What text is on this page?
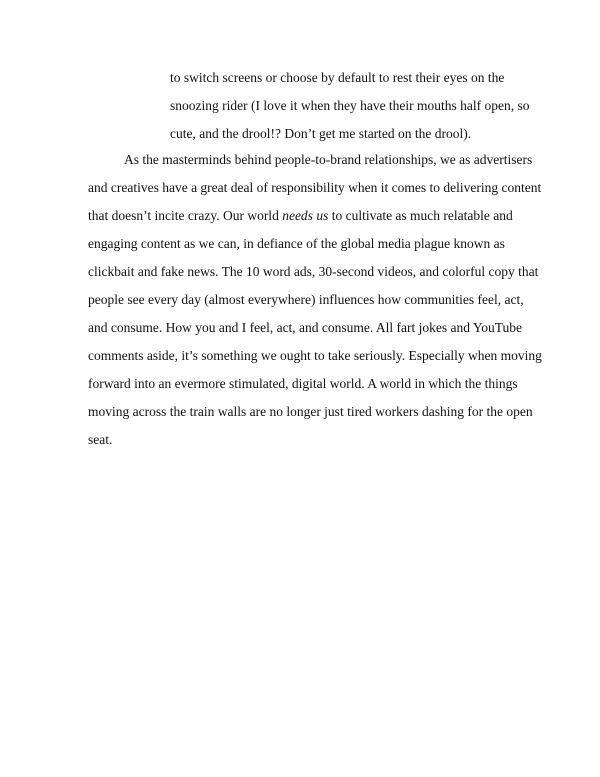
to switch screens or choose by default to rest their eyes on the
snoozing rider (I love it when they have their mouths half open, so
cute, and the drool!? Don’t get me started on the drool).
As the masterminds behind people-to-brand relationships, we as advertisers
and creatives have a great deal of responsibility when it comes to delivering content
that doesn’t incite crazy. Our world needs us to cultivate as much relatable and
engaging content as we can, in defiance of the global media plague known as
clickbait and fake news. The 10 word ads, 30-second videos, and colorful copy that
people see every day (almost everywhere) influences how communities feel, act,
and consume. How you and I feel, act, and consume. All fart jokes and YouTube
comments aside, it’s something we ought to take seriously. Especially when moving
forward into an evermore stimulated, digital world. A world in which the things
moving across the train walls are no longer just tired workers dashing for the open
seat.
